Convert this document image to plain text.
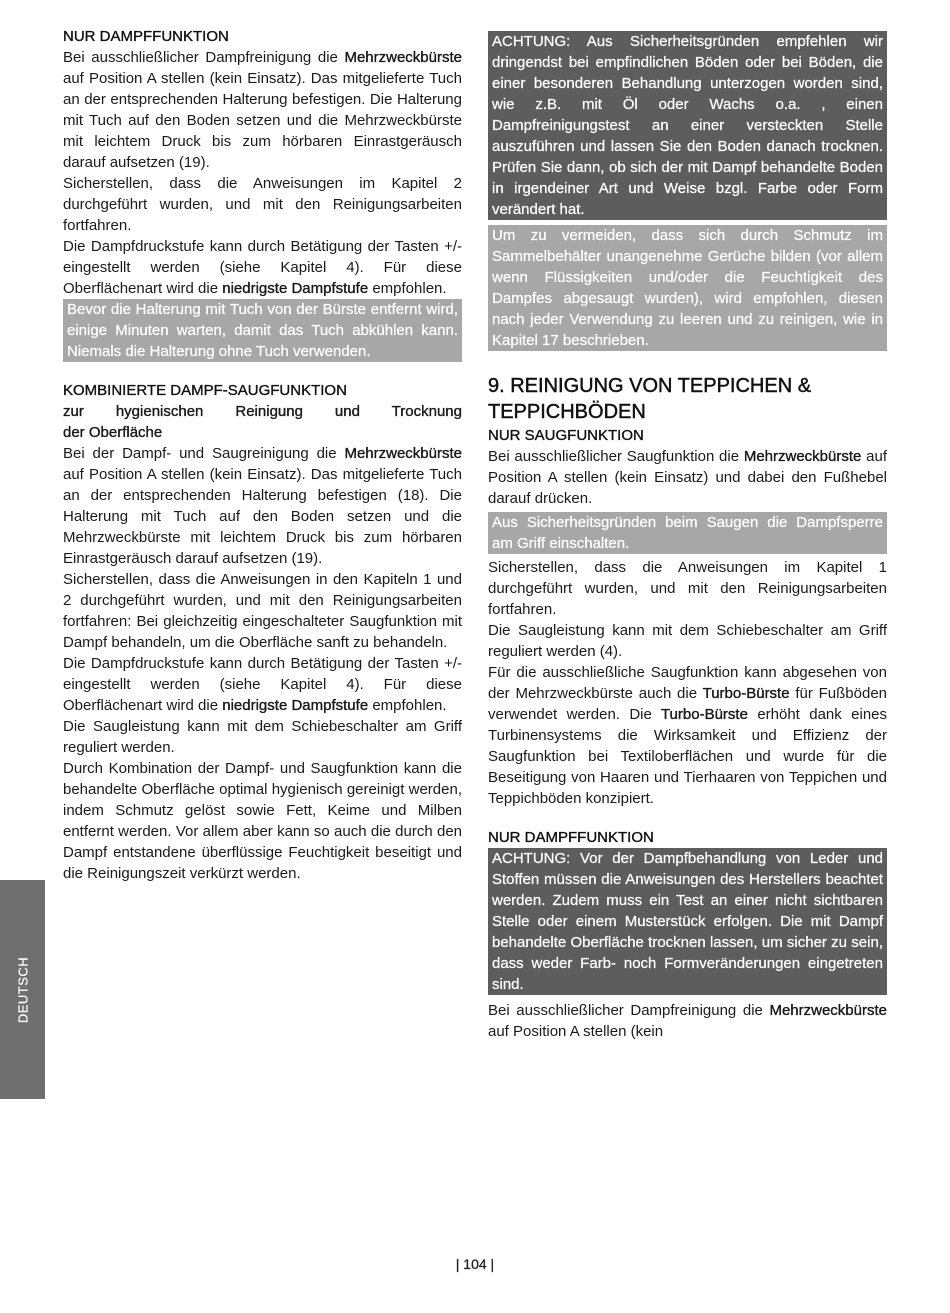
DEUTSCH
NUR DAMPFFUNKTION

Bei ausschließlicher Dampfreinigung die Mehrzweckbürste auf Position A stellen (kein Einsatz). Das mitgelieferte Tuch an der entsprechenden Halterung befestigen. Die Halterung mit Tuch auf den Boden setzen und die Mehrzweckbürste mit leichtem Druck bis zum hörbaren Einrastgeräusch darauf aufsetzen (19).

Sicherstellen, dass die Anweisungen im Kapitel 2 durchgeführt wurden, und mit den Reinigungsarbeiten fortfahren.

Die Dampfdruckstufe kann durch Betätigung der Tasten +/- eingestellt werden (siehe Kapitel 4). Für diese Oberflächenart wird die niedrigste Dampfstufe empfohlen.

Bevor die Halterung mit Tuch von der Bürste entfernt wird, einige Minuten warten, damit das Tuch abkühlen kann. Niemals die Halterung ohne Tuch verwenden.
KOMBINIERTE DAMPF-SAUGFUNKTION
zur hygienischen Reinigung und Trocknung
der Oberfläche

Bei der Dampf- und Saugreinigung die Mehrzweckbürste auf Position A stellen (kein Einsatz). Das mitgelieferte Tuch an der entsprechenden Halterung befestigen (18). Die Halterung mit Tuch auf den Boden setzen und die Mehrzweckbürste mit leichtem Druck bis zum hörbaren Einrastgeräusch darauf aufsetzen (19).

Sicherstellen, dass die Anweisungen in den Kapiteln 1 und 2 durchgeführt wurden, und mit den Reinigungsarbeiten fortfahren: Bei gleichzeitig eingeschalteter Saugfunktion mit Dampf behandeln, um die Oberfläche sanft zu behandeln.

Die Dampfdruckstufe kann durch Betätigung der Tasten +/- eingestellt werden (siehe Kapitel 4). Für diese Oberflächenart wird die niedrigste Dampfstufe empfohlen.

Die Saugleistung kann mit dem Schiebeschalter am Griff reguliert werden.

Durch Kombination der Dampf- und Saugfunktion kann die behandelte Oberfläche optimal hygienisch gereinigt werden, indem Schmutz gelöst sowie Fett, Keime und Milben entfernt werden. Vor allem aber kann so auch die durch den Dampf entstandene überflüssige Feuchtigkeit beseitigt und die Reinigungszeit verkürzt werden.

ACHTUNG: Aus Sicherheitsgründen empfehlen wir dringendst bei empfindlichen Böden oder bei Böden, die einer besonderen Behandlung unterzogen worden sind, wie z.B. mit Öl oder Wachs o.a. , einen Dampfreinigungstest an einer versteckten Stelle auszuführen und lassen Sie den Boden danach trocknen. Prüfen Sie dann, ob sich der mit Dampf behandelte Boden in irgendeiner Art und Weise bzgl. Farbe oder Form verändert hat.
Um zu vermeiden, dass sich durch Schmutz im Sammelbehälter unangenehme Gerüche bilden (vor allem wenn Flüssigkeiten und/oder die Feuchtigkeit des Dampfes abgesaugt wurden), wird empfohlen, diesen nach jeder Verwendung zu leeren und zu reinigen, wie in Kapitel 17 beschrieben.
9. REINIGUNG VON TEPPICHEN & TEPPICHBÖDEN
NUR SAUGFUNKTION

Bei ausschließlicher Saugfunktion die Mehrzweckbürste auf Position A stellen (kein Einsatz) und dabei den Fußhebel darauf drücken.

Aus Sicherheitsgründen beim Saugen die Dampfsperre am Griff einschalten.

Sicherstellen, dass die Anweisungen im Kapitel 1 durchgeführt wurden, und mit den Reinigungsarbeiten fortfahren.

Die Saugleistung kann mit dem Schiebeschalter am Griff reguliert werden (4).

Für die ausschließliche Saugfunktion kann abgesehen von der Mehrzweckbürste auch die Turbo-Bürste für Fußböden verwendet werden. Die Turbo-Bürste erhöht dank eines Turbinensystems die Wirksamkeit und Effizienz der Saugfunktion bei Textiloberflächen und wurde für die Beseitigung von Haaren und Tierhaaren von Teppichen und Teppichböden konzipiert.

NUR DAMPFFUNKTION
ACHTUNG: Vor der Dampfbehandlung von Leder und Stoffen müssen die Anweisungen des Herstellers beachtet werden. Zudem muss ein Test an einer nicht sichtbaren Stelle oder einem Musterstück erfolgen. Die mit Dampf behandelte Oberfläche trocknen lassen, um sicher zu sein, dass weder Farb- noch Formveränderungen eingetreten sind.

Bei ausschließlicher Dampfreinigung die Mehrzweckbürste auf Position A stellen (kein

| 104 |
